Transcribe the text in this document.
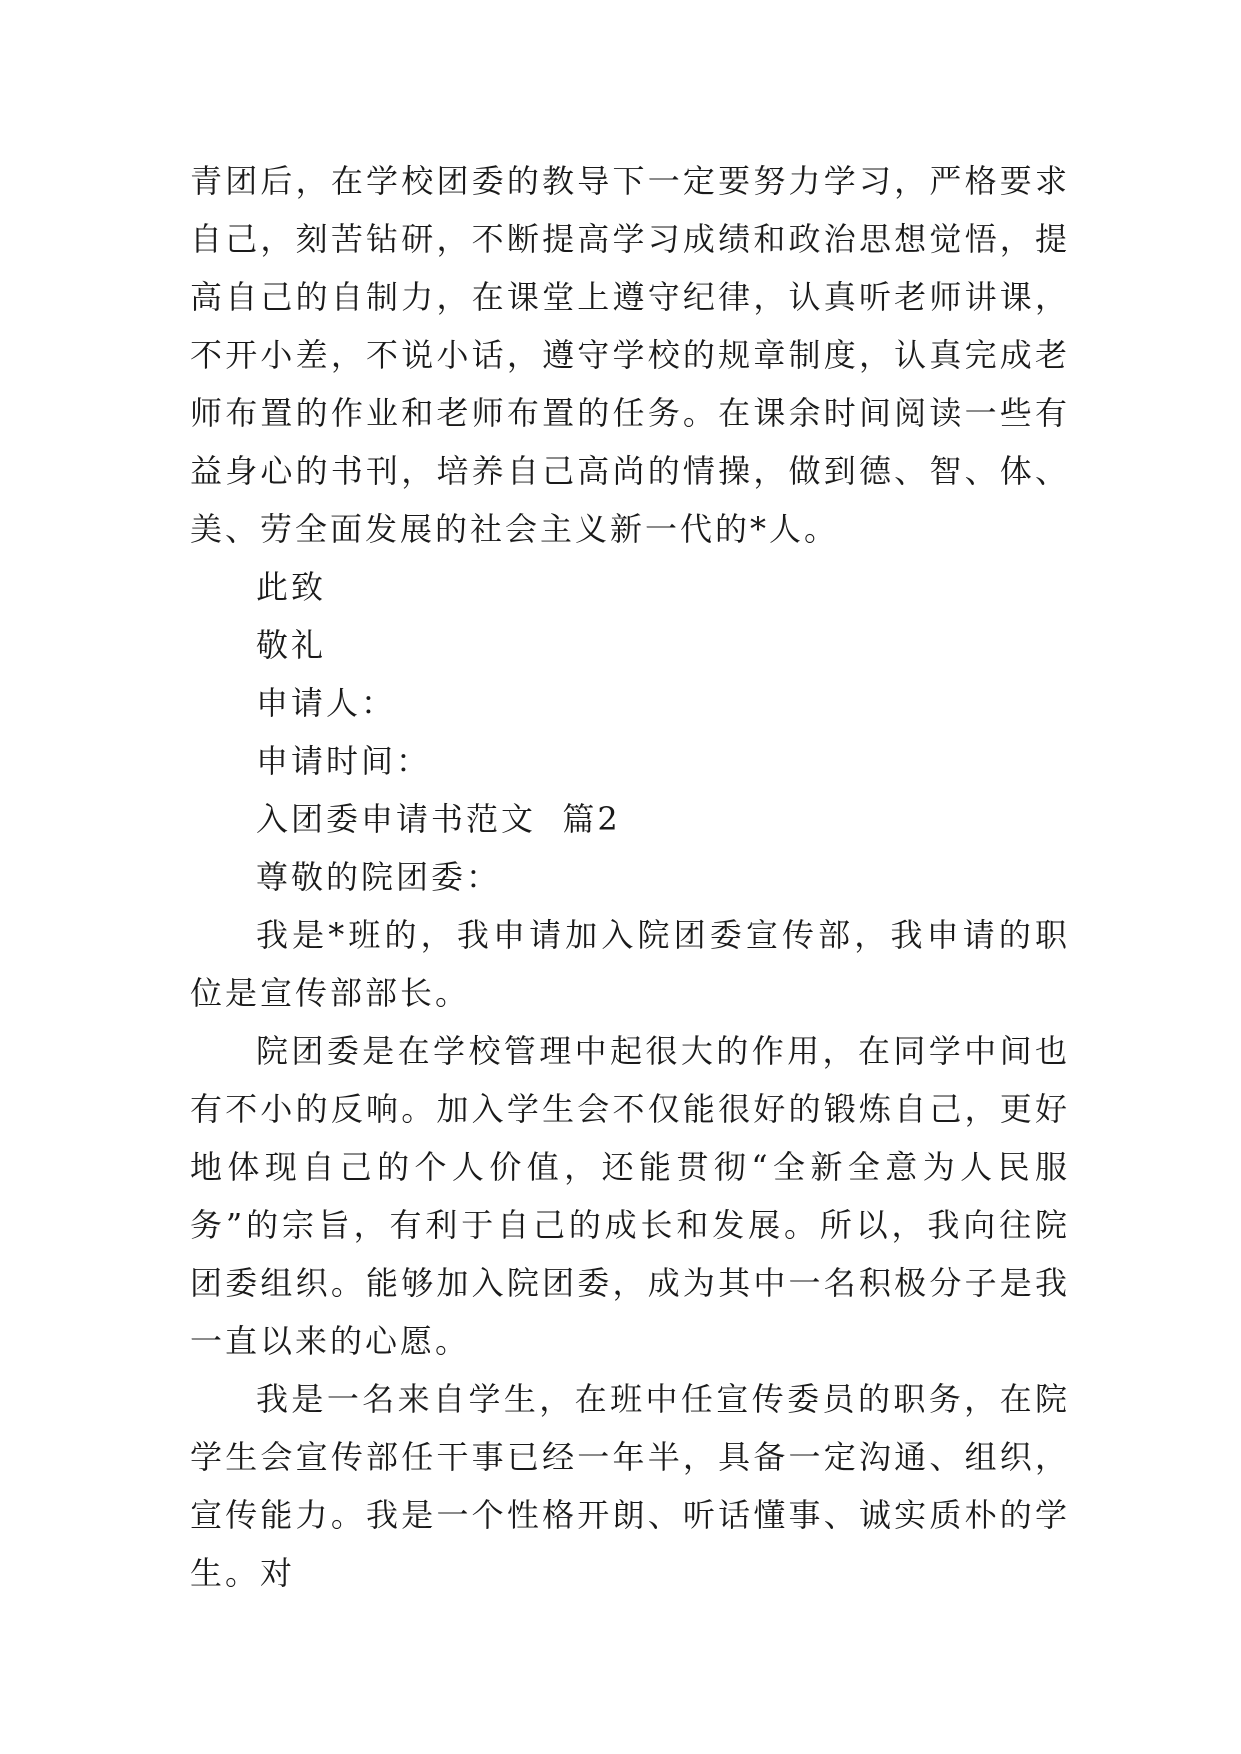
青团后，在学校团委的教导下一定要努力学习，严格要求自己，刻苦钻研，不断提高学习成绩和政治思想觉悟，提高自己的自制力，在课堂上遵守纪律，认真听老师讲课，不开小差，不说小话，遵守学校的规章制度，认真完成老师布置的作业和老师布置的任务。在课余时间阅读一些有益身心的书刊，培养自己高尚的情操，做到德、智、体、美、劳全面发展的社会主义新一代的*人。

此致

敬礼

申请人：

申请时间：

入团委申请书范文  篇2

尊敬的院团委：

我是*班的，我申请加入院团委宣传部，我申请的职位是宣传部部长。

院团委是在学校管理中起很大的作用，在同学中间也有不小的反响。加入学生会不仅能很好的锻炼自己，更好地体现自己的个人价值，还能贯彻“全新全意为人民服务”的宗旨，有利于自己的成长和发展。所以，我向往院团委组织。能够加入院团委，成为其中一名积极分子是我一直以来的心愿。

我是一名来自学生，在班中任宣传委员的职务，在院学生会宣传部任干事已经一年半，具备一定沟通、组织，宣传能力。我是一个性格开朗、听话懂事、诚实质朴的学生。对
